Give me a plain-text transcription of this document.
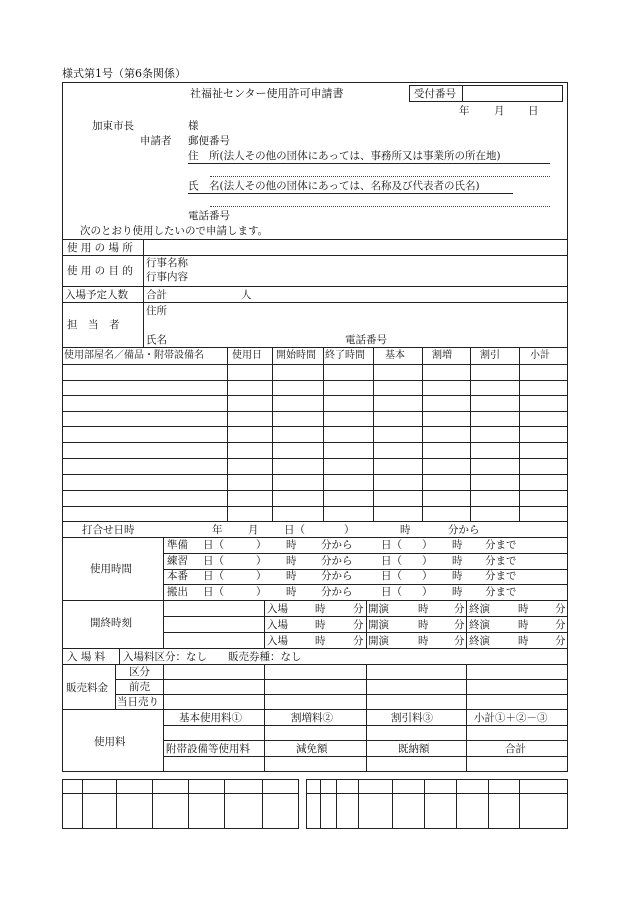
様式第1号（第6条関係）
社福祉センター使用許可申請書	受付番号
年 月 日
加東市長	様
申請者 郵便番号
住　所(法人その他の団体にあっては、事務所又は事業所の所在地)
氏　名(法人その他の団体にあっては、名称及び代表者の氏名)
電話番号
次のとおり使用したいので申請します。
使 用 の 場 所
使 用 の 目 的
行事名称
行事内容
入場予定人数 合計	人
担　当　者
住所
氏名	電話番号
使用部屋名／備品・附帯設備名	使用日 開始時間 終了時間 基本	割増	割引	小計
打合せ日時	年 月 日（	）	時	分から
使用時間
準備 日（	） 時 分から	日（ ） 時 分まで
練習 日（	） 時 分から	日（ ） 時 分まで
本番 日（	） 時 分から	日（ ） 時 分まで
搬出 日（	） 時 分から	日（ ） 時 分まで
開終時刻
入場	時	分 開演	時 分 終演	時	分
入場	時	分 開演	時 分 終演	時	分
入場	時	分 開演	時 分 終演	時	分
入 場 料 入場料区分：なし　　販売券種：なし
販売料金
区分
前売
当日売り
使用料
基本使用料①	割増料②	割引料③	小計①＋②－③
附帯設備等使用料	減免額	既納額	合計
